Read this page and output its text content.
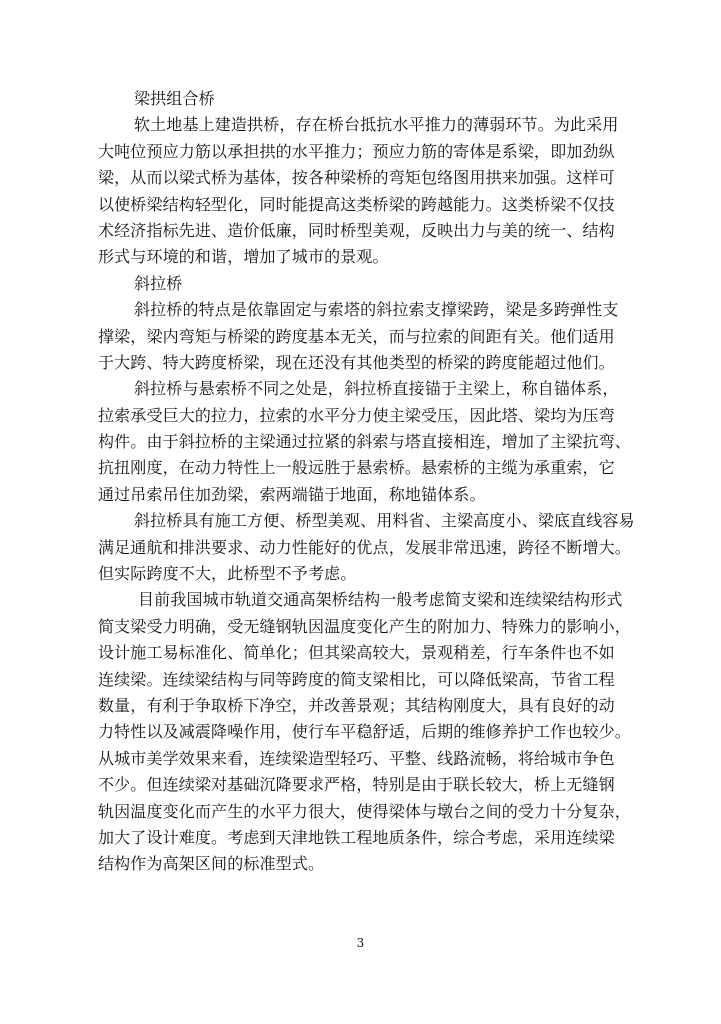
梁拱组合桥
软土地基上建造拱桥，存在桥台抵抗水平推力的薄弱环节。为此采用
大吨位预应力筋以承担拱的水平推力；预应力筋的寄体是系梁，即加劲纵
梁，从而以梁式桥为基体，按各种梁桥的弯矩包络图用拱来加强。这样可
以使桥梁结构轻型化，同时能提高这类桥梁的跨越能力。这类桥梁不仅技
术经济指标先进、造价低廉，同时桥型美观，反映出力与美的统一、结构
形式与环境的和谐，增加了城市的景观。
斜拉桥
斜拉桥的特点是依靠固定与索塔的斜拉索支撑梁跨，梁是多跨弹性支
撑梁，梁内弯矩与桥梁的跨度基本无关，而与拉索的间距有关。他们适用
于大跨、特大跨度桥梁，现在还没有其他类型的桥梁的跨度能超过他们。
斜拉桥与悬索桥不同之处是，斜拉桥直接锚于主梁上，称自锚体系，
拉索承受巨大的拉力，拉索的水平分力使主梁受压，因此塔、梁均为压弯
构件。由于斜拉桥的主梁通过拉紧的斜索与塔直接相连，增加了主梁抗弯、
抗扭刚度，在动力特性上一般远胜于悬索桥。悬索桥的主缆为承重索，它
通过吊索吊住加劲梁，索两端锚于地面，称地锚体系。
斜拉桥具有施工方便、桥型美观、用料省、主梁高度小、梁底直线容易
满足通航和排洪要求、动力性能好的优点，发展非常迅速，跨径不断增大。
但实际跨度不大，此桥型不予考虑。
目前我国城市轨道交通高架桥结构一般考虑简支梁和连续梁结构形式
简支梁受力明确，受无缝钢轨因温度变化产生的附加力、特殊力的影响小，
设计施工易标准化、简单化；但其梁高较大，景观稍差，行车条件也不如
连续梁。连续梁结构与同等跨度的简支梁相比，可以降低梁高，节省工程
数量，有利于争取桥下净空，并改善景观；其结构刚度大，具有良好的动
力特性以及减震降噪作用，使行车平稳舒适，后期的维修养护工作也较少。
从城市美学效果来看，连续梁造型轻巧、平整、线路流畅，将给城市争色
不少。但连续梁对基础沉降要求严格，特别是由于联长较大，桥上无缝钢
轨因温度变化而产生的水平力很大，使得梁体与墩台之间的受力十分复杂，
加大了设计难度。考虑到天津地铁工程地质条件，综合考虑，采用连续梁
结构作为高架区间的标准型式。
3
